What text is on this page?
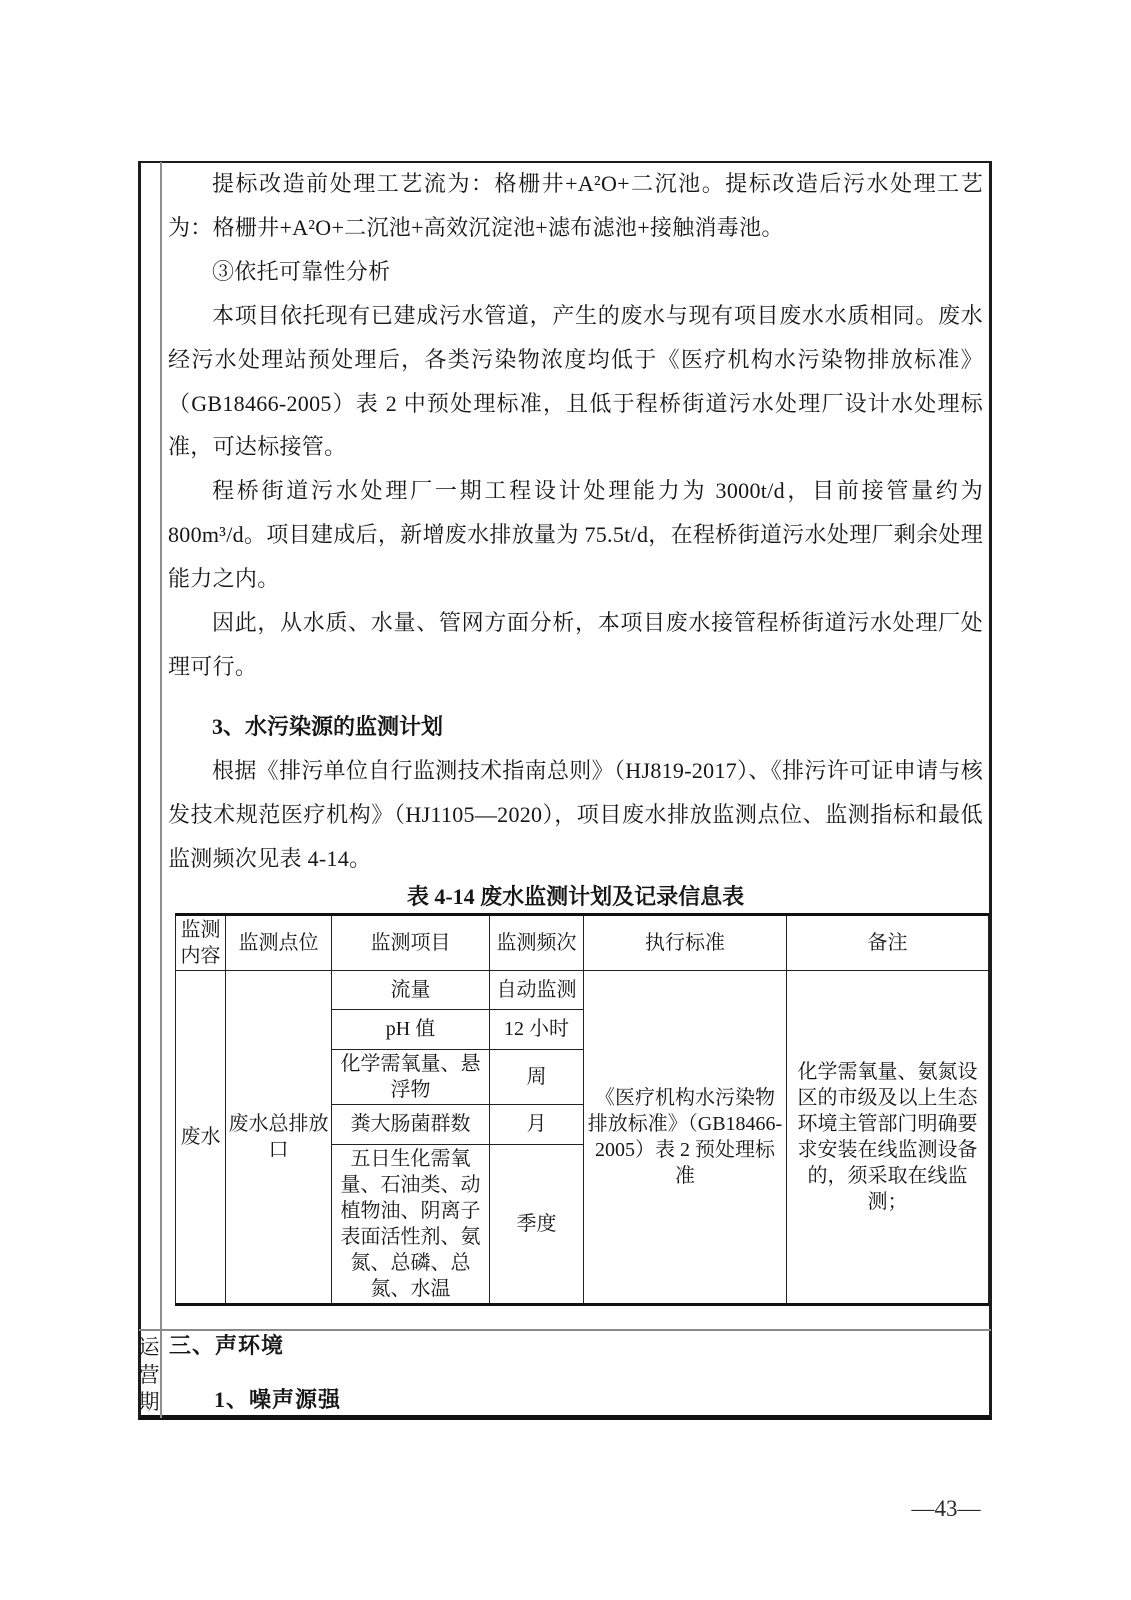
提标改造前处理工艺流为：格栅井+A²O+二沉池。提标改造后污水处理工艺为：格栅井+A²O+二沉池+高效沉淀池+滤布滤池+接触消毒池。

③依托可靠性分析

本项目依托现有已建成污水管道，产生的废水与现有项目废水水质相同。废水经污水处理站预处理后，各类污染物浓度均低于《医疗机构水污染物排放标准》（GB18466-2005）表 2 中预处理标准，且低于程桥街道污水处理厂设计水处理标准，可达标接管。

程桥街道污水处理厂一期工程设计处理能力为 3000t/d，目前接管量约为 800m³/d。项目建成后，新增废水排放量为 75.5t/d，在程桥街道污水处理厂剩余处理能力之内。

因此，从水质、水量、管网方面分析，本项目废水接管程桥街道污水处理厂处理可行。

3、水污染源的监测计划

根据《排污单位自行监测技术指南总则》（HJ819-2017）、《排污许可证申请与核发技术规范医疗机构》（HJ1105—2020），项目废水排放监测点位、监测指标和最低监测频次见表 4-14。

表 4-14 废水监测计划及记录信息表

监测内容	监测点位	监测项目	监测频次	执行标准	备注
废水	废水总排放口	流量	自动监测	《医疗机构水污染物排放标准》（GB18466-2005）表 2 预处理标准	化学需氧量、氨氮设区的市级及以上生态环境主管部门明确要求安装在线监测设备的，须采取在线监测；
		pH 值	12 小时		
		化学需氧量、悬浮物	周		
		粪大肠菌群数	月		
		五日生化需氧量、石油类、动植物油、阴离子表面活性剂、氨氮、总磷、总氮、水温	季度		
运营期
三、声环境
1、噪声源强
—43—
